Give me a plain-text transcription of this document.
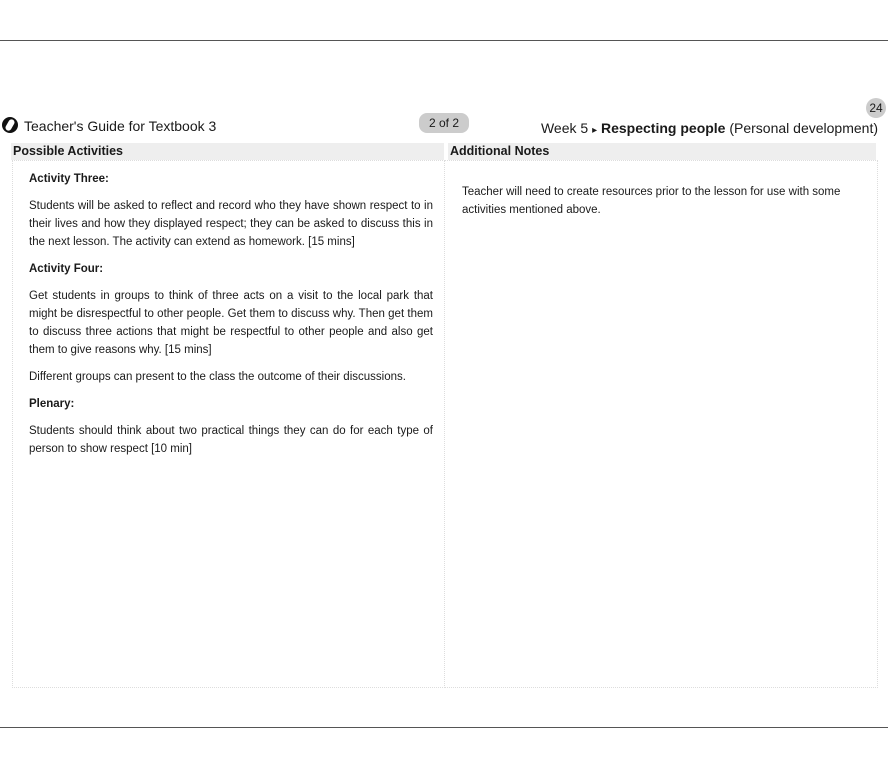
24
Teacher's Guide for Textbook 3	2 of 2	Week 5 ▸ Respecting people (Personal development)
Possible Activities	Additional Notes
Activity Three:

Students will be asked to reflect and record who they have shown respect to in their lives and how they displayed respect; they can be asked to discuss this in the next lesson. The activity can extend as homework. [15 mins]

Activity Four:

Get students in groups to think of three acts on a visit to the local park that might be disrespectful to other people. Get them to discuss why. Then get them to discuss three actions that might be respectful to other people and also get them to give reasons why. [15 mins]

Different groups can present to the class the outcome of their discussions.

Plenary:

Students should think about two practical things they can do for each type of person to show respect [10 min]

Teacher will need to create resources prior to the lesson for use with some activities mentioned above.
